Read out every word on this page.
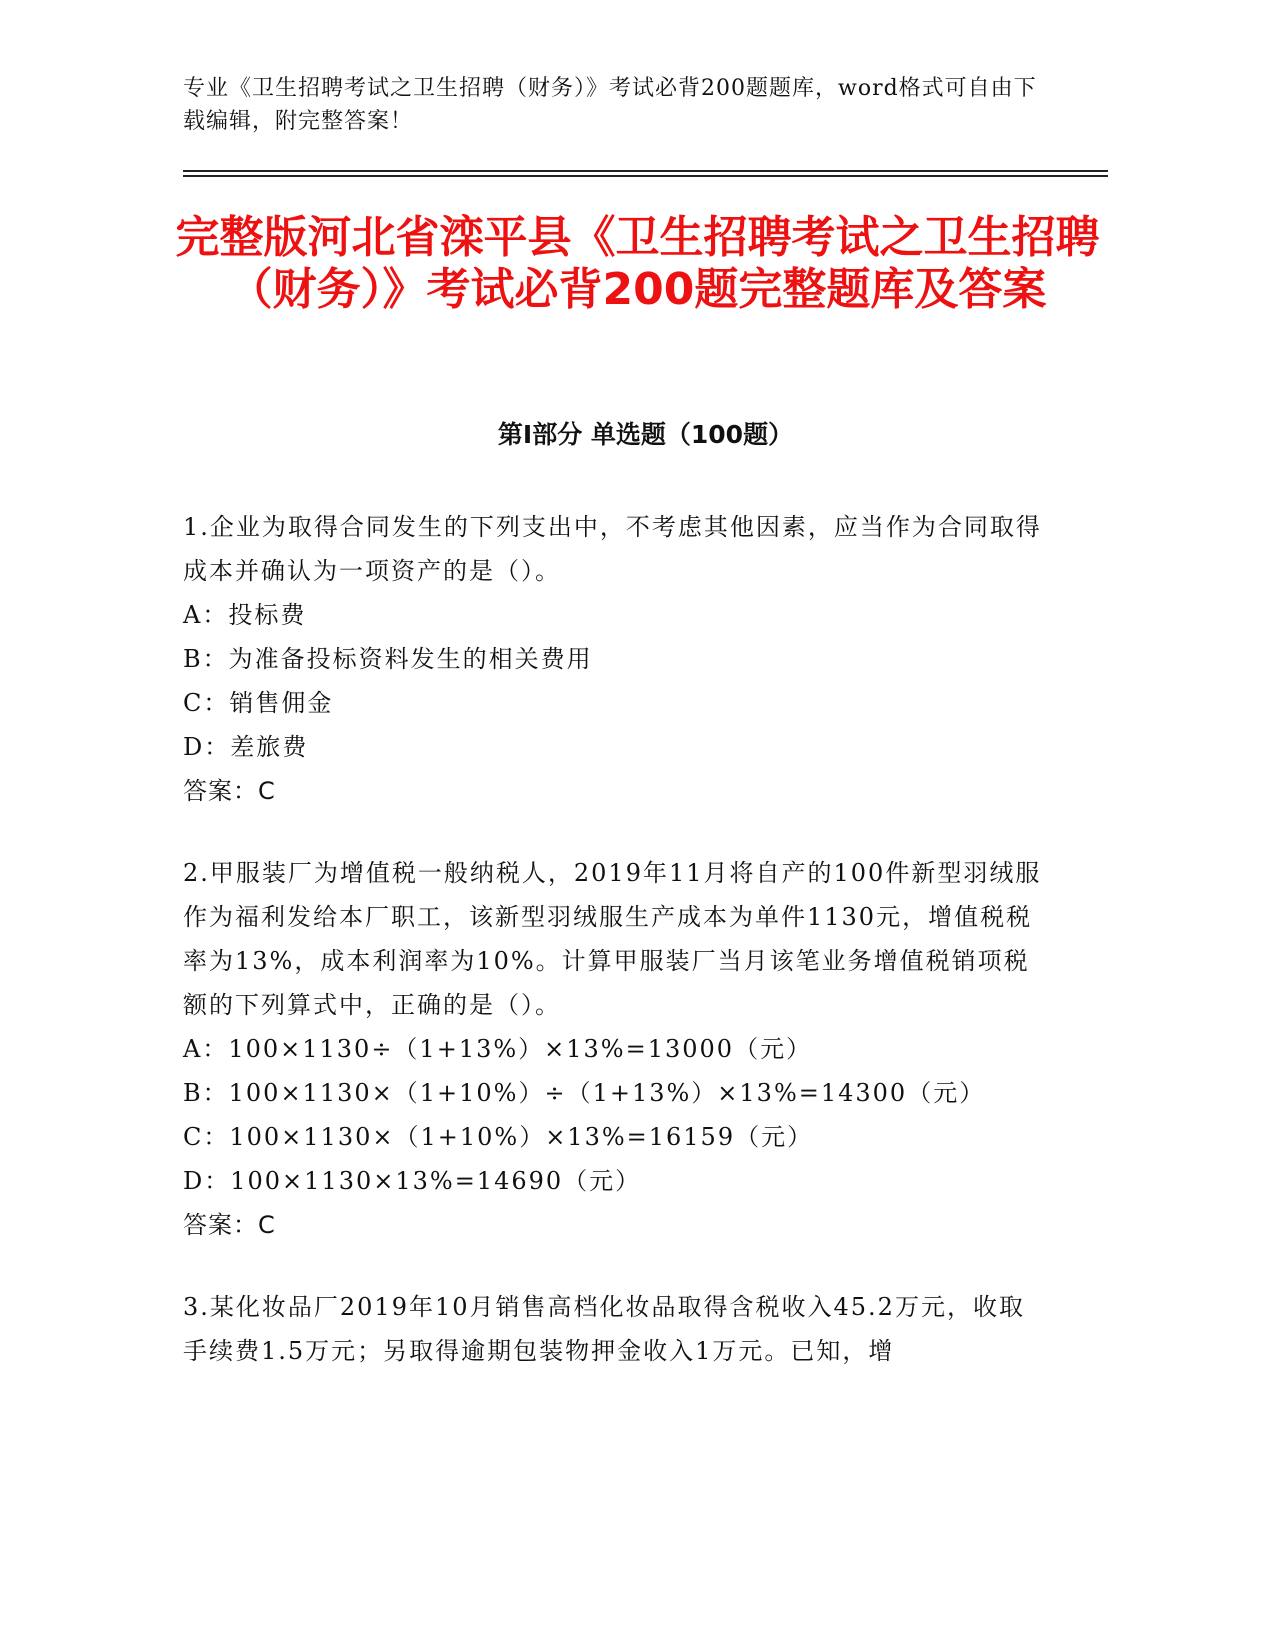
专业《卫生招聘考试之卫生招聘（财务）》考试必背200题题库，word格式可自由下载编辑，附完整答案！
完整版河北省滦平县《卫生招聘考试之卫生招聘（财务）》考试必背200题完整题库及答案
第I部分 单选题（100题）

1.企业为取得合同发生的下列支出中，不考虑其他因素，应当作为合同取得成本并确认为一项资产的是（）。

A：投标费

B：为准备投标资料发生的相关费用

C：销售佣金

D：差旅费

答案：C

2.甲服装厂为增值税一般纳税人，2019年11月将自产的100件新型羽绒服作为福利发给本厂职工，该新型羽绒服生产成本为单件1130元，增值税税率为13%，成本利润率为10%。计算甲服装厂当月该笔业务增值税销项税额的下列算式中，正确的是（）。

A：100×1130÷（1+13%）×13%=13000（元）

B：100×1130×（1+10%）÷（1+13%）×13%=14300（元）

C：100×1130×（1+10%）×13%=16159（元）

D：100×1130×13%=14690（元）

答案：C

3.某化妆品厂2019年10月销售高档化妆品取得含税收入45.2万元，收取手续费1.5万元；另取得逾期包装物押金收入1万元。已知，增
